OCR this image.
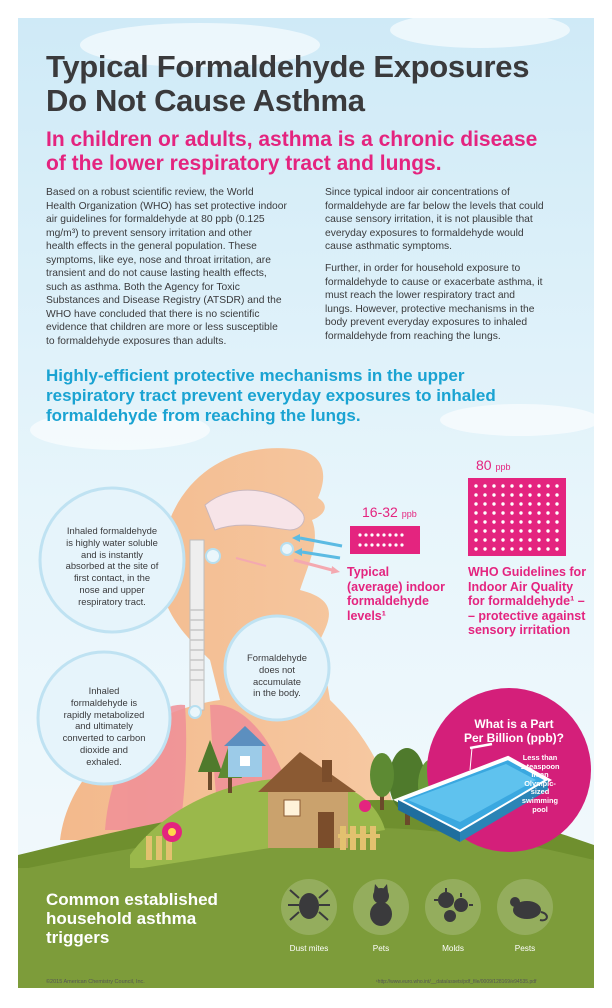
Typical Formaldehyde Exposures
Do Not Cause Asthma
In children or adults, asthma is a chronic disease
of the lower respiratory tract and lungs.

Based on a robust scientific review, the World
Health Organization (WHO) has set protective indoor
air guidelines for formaldehyde at 80 ppb (0.125
mg/m³) to prevent sensory irritation and other
health effects in the general population. These
symptoms, like eye, nose and throat irritation, are
transient and do not cause lasting health effects,
such as asthma. Both the Agency for Toxic
Substances and Disease Registry (ATSDR) and the
WHO have concluded that there is no scientific
evidence that children are more or less susceptible
to formaldehyde exposures than adults.

Since typical indoor air concentrations of
formaldehyde are far below the levels that could
cause sensory irritation, it is not plausible that
everyday exposures to formaldehyde would
cause asthmatic symptoms.

Further, in order for household exposure to
formaldehyde to cause or exacerbate asthma, it
must reach the lower respiratory tract and
lungs. However, protective mechanisms in the
body prevent everyday exposures to inhaled
formaldehyde from reaching the lungs.

Highly-efficient protective mechanisms in the upper
respiratory tract prevent everyday exposures to inhaled
formaldehyde from reaching the lungs.
Inhaled formaldehyde
is highly water soluble
and is instantly
absorbed at the site of
first contact, in the
nose and upper
respiratory tract.
Formaldehyde
does not
accumulate
in the body.
Inhaled
formaldehyde is
rapidly metabolized
and ultimately
converted to carbon
dioxide and
exhaled.
16-32 ppb
80 ppb
Typical
(average) indoor
formaldehyde
levels¹
WHO Guidelines for
Indoor Air Quality
for formaldehyde¹ –
– protective against
sensory irritation
What is a Part
Per Billion (ppb)?
Less than
1 teaspoon
in an
Olympic-
sized
swimming
pool
Common established
household asthma
triggers
Dust mites	Pets	Molds	Pests
©2015 American Chemistry Council, Inc.	¹http://www.euro.who.int/__data/assets/pdf_file/0009/128169/e94535.pdf
